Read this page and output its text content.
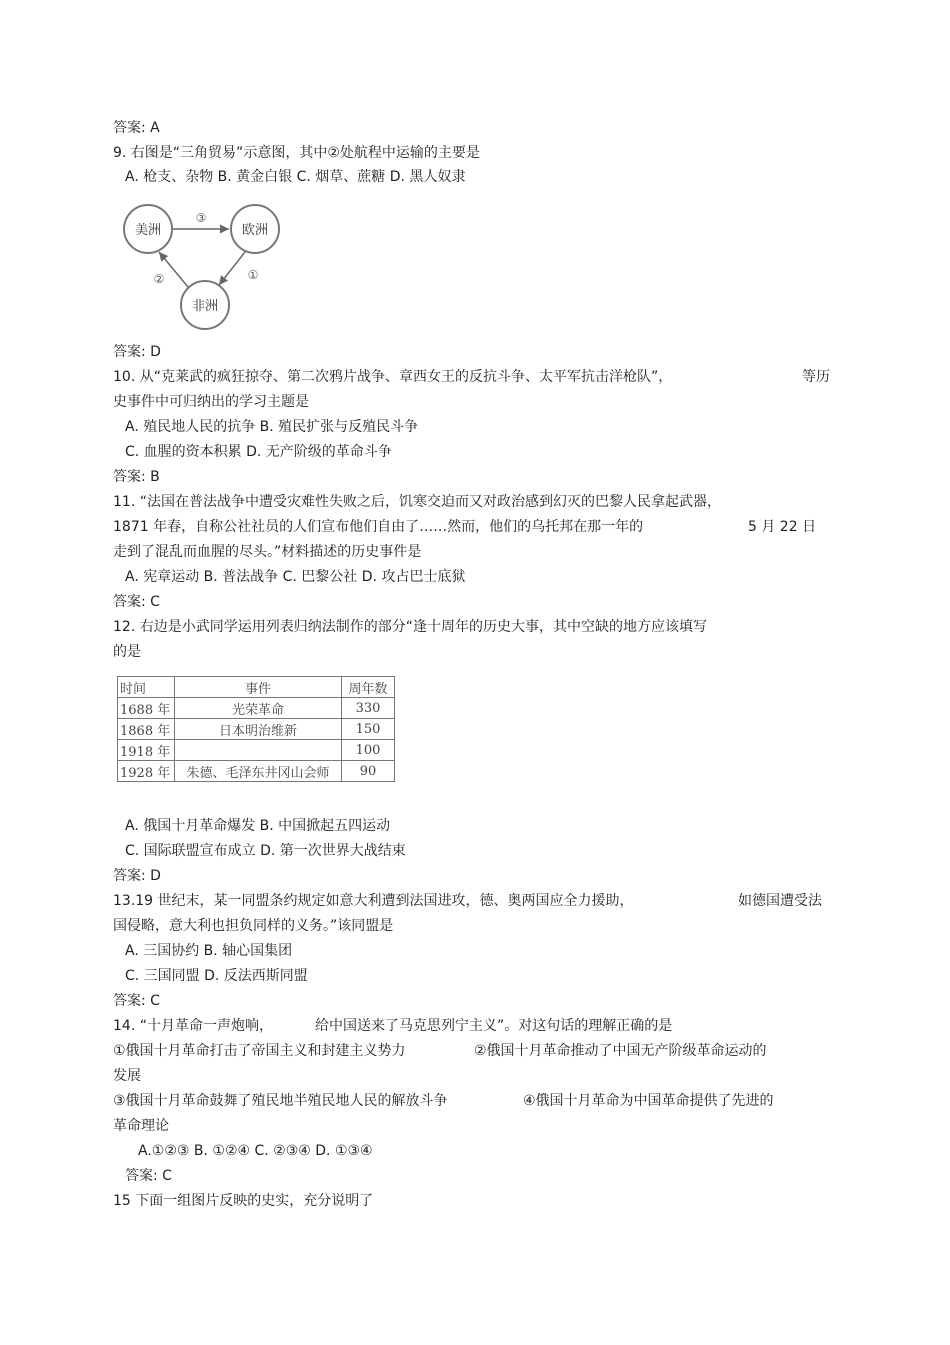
答案: A
9. 右图是“三角贸易”示意图，其中②处航程中运输的主要是
A. 枪支、杂物 B. 黄金白银 C. 烟草、蔗糖 D. 黑人奴隶
美洲	欧洲
非洲
③
①
②
答案: D
10. 从“克莱武的疯狂掠夺、第二次鸦片战争、章西女王的反抗斗争、太平军抗击洋枪队”，	等历
史事件中可归纳出的学习主题是
A. 殖民地人民的抗争 B. 殖民扩张与反殖民斗争
C. 血腥的资本积累 D. 无产阶级的革命斗争
答案: B
11. “法国在普法战争中遭受灾难性失败之后，饥寒交迫而又对政治感到幻灭的巴黎人民拿起武器，
1871 年春，自称公社社员的人们宣布他们自由了……然而，他们的乌托邦在那一年的	5 月 22 日
走到了混乱而血腥的尽头。”材料描述的历史事件是
A. 宪章运动 B. 普法战争 C. 巴黎公社 D. 攻占巴士底狱
答案: C
12. 右边是小武同学运用列表归纳法制作的部分“逢十周年的历史大事，其中空缺的地方应该填写
的是
时间	事件	周年数
1688 年	光荣革命	330
1868 年	日本明治维新	150
1918 年		100
1928 年	朱德、毛泽东井冈山会师	90
A. 俄国十月革命爆发 B. 中国掀起五四运动
C. 国际联盟宣布成立 D. 第一次世界大战结束
答案: D
13.19 世纪末，某一同盟条约规定如意大利遭到法国进攻，德、奥两国应全力援助，	如德国遭受法
国侵略，意大利也担负同样的义务。”该同盟是
A. 三国协约 B. 轴心国集团
C. 三国同盟 D. 反法西斯同盟
答案: C
14. “十月革命一声炮响，	给中国送来了马克思列宁主义”。对这句话的理解正确的是
①俄国十月革命打击了帝国主义和封建主义势力	②俄国十月革命推动了中国无产阶级革命运动的
发展
③俄国十月革命鼓舞了殖民地半殖民地人民的解放斗争	④俄国十月革命为中国革命提供了先进的
革命理论
A.①②③ B. ①②④ C. ②③④ D. ①③④
答案: C
15 下面一组图片反映的史实，充分说明了
